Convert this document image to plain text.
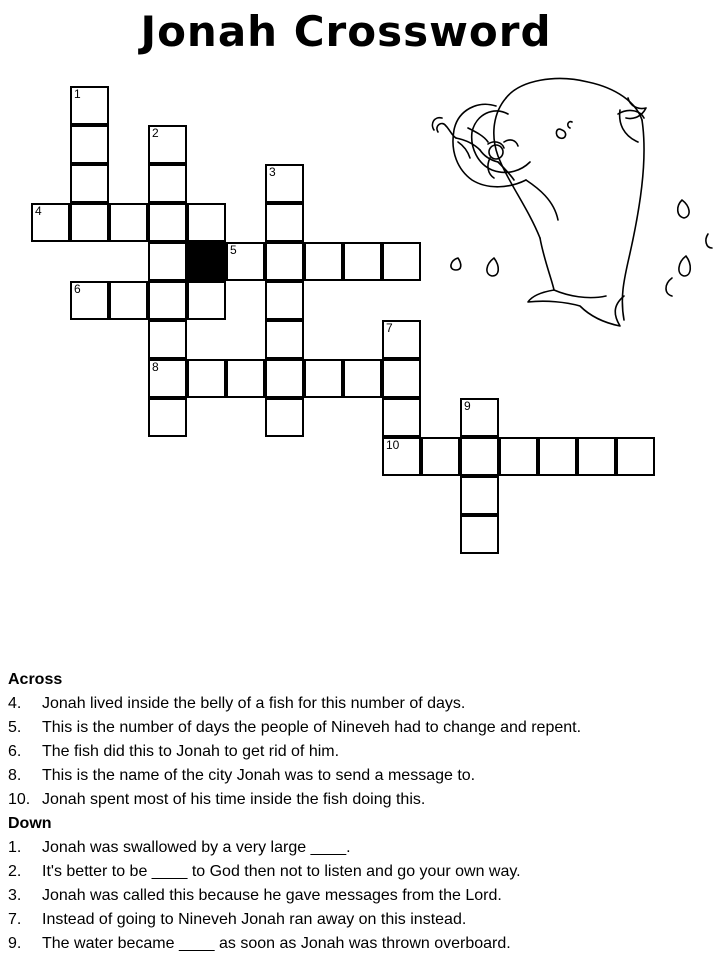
Jonah Crossword
1
2
3
4
5
6
7
8
9
10
Across
4.	Jonah lived inside the belly of a fish for this number of days.
5.	This is the number of days the people of Nineveh had to change and repent.
6.	The fish did this to Jonah to get rid of him.
8.	This is the name of the city Jonah was to send a message to.
10. Jonah spent most of his time inside the fish doing this.
Down
1.	Jonah was swallowed by a very large ____.
2.	It's better to be ____ to God then not to listen and go your own way.
3.	Jonah was called this because he gave messages from the Lord.
7.	Instead of going to Nineveh Jonah ran away on this instead.
9.	The water became ____ as soon as Jonah was thrown overboard.
